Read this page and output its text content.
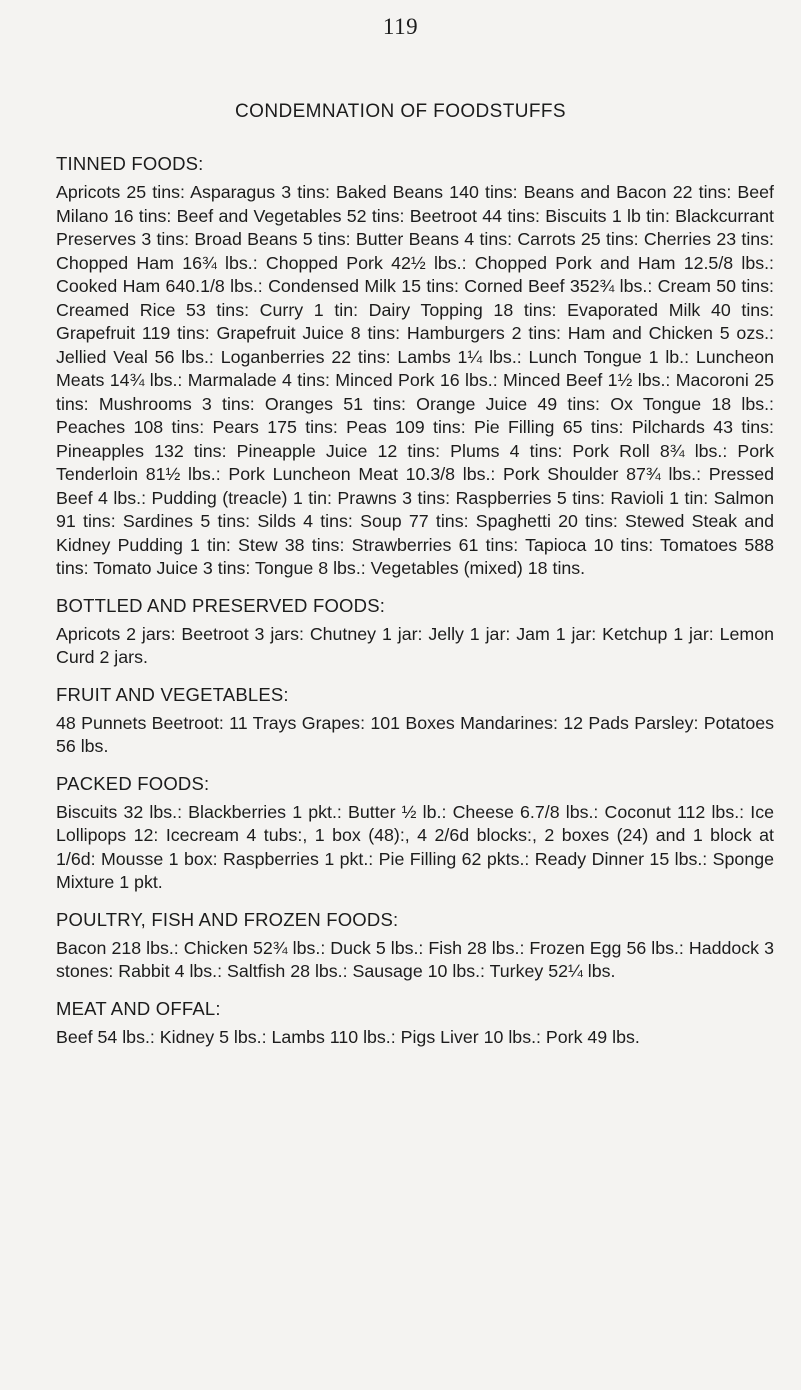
119
CONDEMNATION OF FOODSTUFFS

TINNED FOODS:

Apricots 25 tins: Asparagus 3 tins: Baked Beans 140 tins: Beans and Bacon 22 tins: Beef Milano 16 tins: Beef and Vegetables 52 tins: Beetroot 44 tins: Biscuits 1 lb tin: Blackcurrant Preserves 3 tins: Broad Beans 5 tins: Butter Beans 4 tins: Carrots 25 tins: Cherries 23 tins: Chopped Ham 16¾ lbs.: Chopped Pork 42½ lbs.: Chopped Pork and Ham 12.5/8 lbs.: Cooked Ham 640.1/8 lbs.: Condensed Milk 15 tins: Corned Beef 352¾ lbs.: Cream 50 tins: Creamed Rice 53 tins: Curry 1 tin: Dairy Topping 18 tins: Evaporated Milk 40 tins: Grapefruit 119 tins: Grapefruit Juice 8 tins: Hamburgers 2 tins: Ham and Chicken 5 ozs.: Jellied Veal 56 lbs.: Loganberries 22 tins: Lambs 1¼ lbs.: Lunch Tongue 1 lb.: Luncheon Meats 14¾ lbs.: Marmalade 4 tins: Minced Pork 16 lbs.: Minced Beef 1½ lbs.: Macoroni 25 tins: Mushrooms 3 tins: Oranges 51 tins: Orange Juice 49 tins: Ox Tongue 18 lbs.: Peaches 108 tins: Pears 175 tins: Peas 109 tins: Pie Filling 65 tins: Pilchards 43 tins: Pineapples 132 tins: Pineapple Juice 12 tins: Plums 4 tins: Pork Roll 8¾ lbs.: Pork Tenderloin 81½ lbs.: Pork Luncheon Meat 10.3/8 lbs.: Pork Shoulder 87¾ lbs.: Pressed Beef 4 lbs.: Pudding (treacle) 1 tin: Prawns 3 tins: Raspberries 5 tins: Ravioli 1 tin: Salmon 91 tins: Sardines 5 tins: Silds 4 tins: Soup 77 tins: Spaghetti 20 tins: Stewed Steak and Kidney Pudding 1 tin: Stew 38 tins: Strawberries 61 tins: Tapioca 10 tins: Tomatoes 588 tins: Tomato Juice 3 tins: Tongue 8 lbs.: Vegetables (mixed) 18 tins.

BOTTLED AND PRESERVED FOODS:

Apricots 2 jars: Beetroot 3 jars: Chutney 1 jar: Jelly 1 jar: Jam 1 jar: Ketchup 1 jar: Lemon Curd 2 jars.

FRUIT AND VEGETABLES:

48 Punnets Beetroot: 11 Trays Grapes: 101 Boxes Mandarines: 12 Pads Parsley: Potatoes 56 lbs.

PACKED FOODS:

Biscuits 32 lbs.: Blackberries 1 pkt.: Butter ½ lb.: Cheese 6.7/8 lbs.: Coconut 112 lbs.: Ice Lollipops 12: Icecream 4 tubs:, 1 box (48):, 4 2/6d blocks:, 2 boxes (24) and 1 block at 1/6d: Mousse 1 box: Raspberries 1 pkt.: Pie Filling 62 pkts.: Ready Dinner 15 lbs.: Sponge Mixture 1 pkt.

POULTRY, FISH AND FROZEN FOODS:

Bacon 218 lbs.: Chicken 52¾ lbs.: Duck 5 lbs.: Fish 28 lbs.: Frozen Egg 56 lbs.: Haddock 3 stones: Rabbit 4 lbs.: Saltfish 28 lbs.: Sausage 10 lbs.: Turkey 52¼ lbs.

MEAT AND OFFAL:

Beef 54 lbs.: Kidney 5 lbs.: Lambs 110 lbs.: Pigs Liver 10 lbs.: Pork 49 lbs.
